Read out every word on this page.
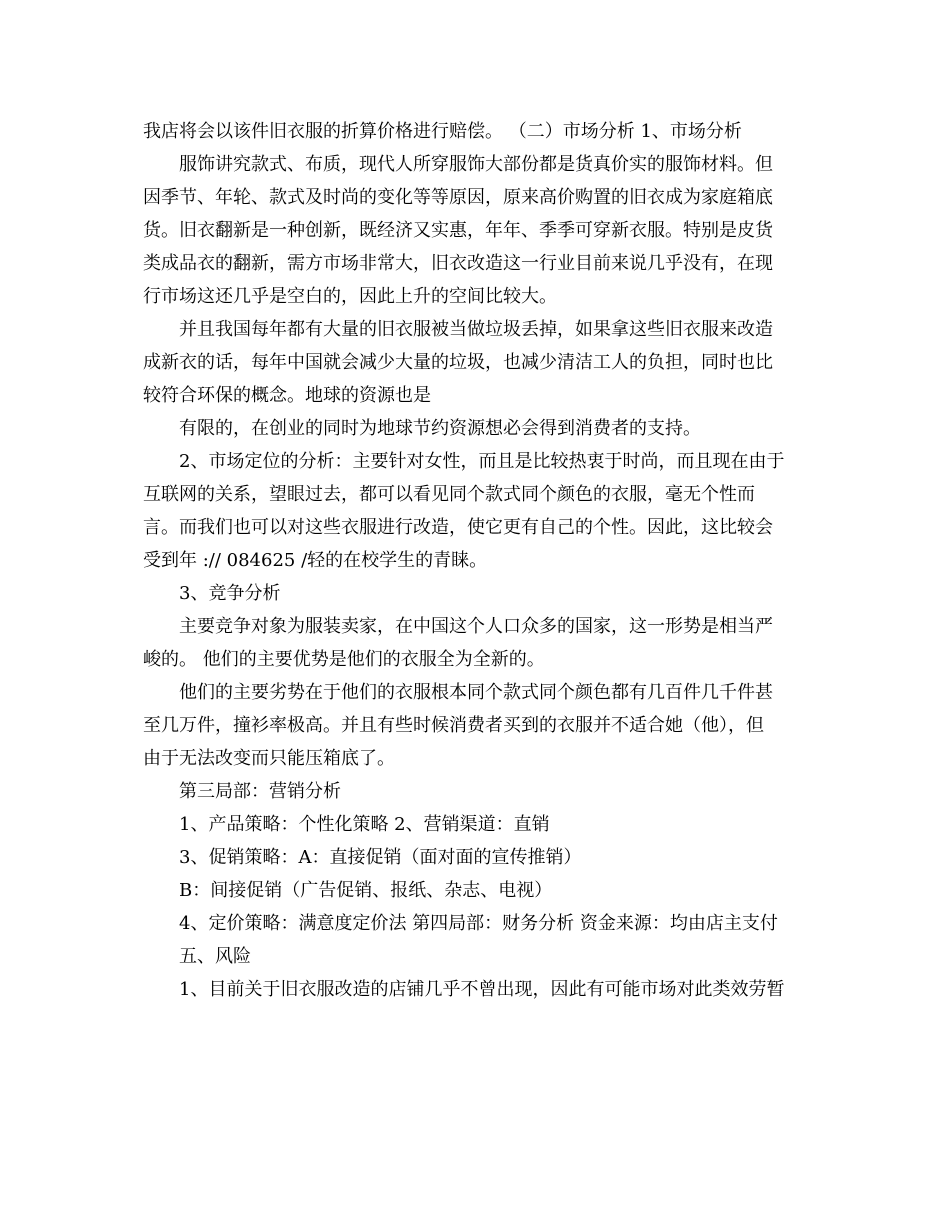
我店将会以该件旧衣服的折算价格进行赔偿。 （二）市场分析 1、市场分析
服饰讲究款式、布质，现代人所穿服饰大部份都是货真价实的服饰材料。但
因季节、年轮、款式及时尚的变化等等原因，原来高价购置的旧衣成为家庭箱底
货。旧衣翻新是一种创新，既经济又实惠，年年、季季可穿新衣服。特别是皮货
类成品衣的翻新，需方市场非常大，旧衣改造这一行业目前来说几乎没有，在现
行市场这还几乎是空白的，因此上升的空间比较大。
并且我国每年都有大量的旧衣服被当做垃圾丢掉，如果拿这些旧衣服来改造
成新衣的话，每年中国就会减少大量的垃圾，也减少清洁工人的负担，同时也比
较符合环保的概念。地球的资源也是
有限的，在创业的同时为地球节约资源想必会得到消费者的支持。
2、市场定位的分析：主要针对女性，而且是比较热衷于时尚，而且现在由于
互联网的关系，望眼过去，都可以看见同个款式同个颜色的衣服，毫无个性而
言。而我们也可以对这些衣服进行改造，使它更有自己的个性。因此，这比较会
受到年 :// 084625 /轻的在校学生的青睐。
3、竞争分析
主要竞争对象为服装卖家，在中国这个人口众多的国家，这一形势是相当严
峻的。 他们的主要优势是他们的衣服全为全新的。
他们的主要劣势在于他们的衣服根本同个款式同个颜色都有几百件几千件甚
至几万件，撞衫率极高。并且有些时候消费者买到的衣服并不适合她（他），但
由于无法改变而只能压箱底了。
第三局部：营销分析
1、产品策略：个性化策略 2、营销渠道：直销
3、促销策略：A：直接促销（面对面的宣传推销）
B：间接促销（广告促销、报纸、杂志、电视）
4、定价策略：满意度定价法 第四局部：财务分析 资金来源：均由店主支付
五、风险
1、目前关于旧衣服改造的店铺几乎不曾出现，因此有可能市场对此类效劳暂
